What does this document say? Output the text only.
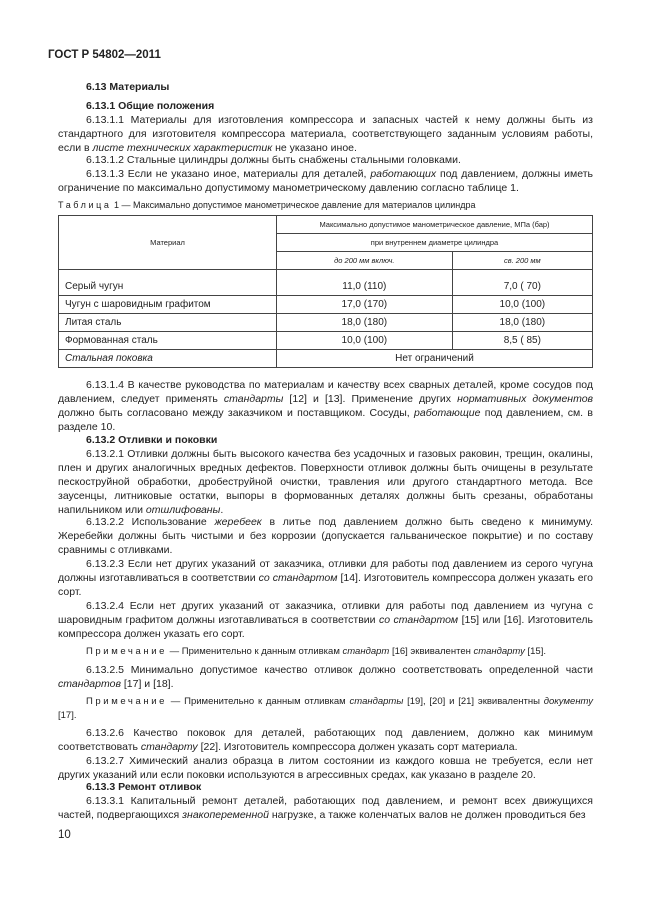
ГОСТ Р 54802—2011

6.13 Материалы

6.13.1 Общие положения

6.13.1.1 Материалы для изготовления компрессора и запасных частей к нему должны быть из стандартного для изготовителя компрессора материала, соответствующего заданным условиям работы, если в листе технических характеристик не указано иное.

6.13.1.2 Стальные цилиндры должны быть снабжены стальными головками.

6.13.1.3 Если не указано иное, материалы для деталей, работающих под давлением, должны иметь ограничение по максимально допустимому манометрическому давлению согласно таблице 1.

Таблица 1 — Максимально допустимое манометрическое давление для материалов цилиндра
Материал	Максимально допустимое манометрическое давление, МПа (бар)	
	при внутреннем диаметре цилиндра	
	до 200 мм включ.	св. 200 мм
Серый чугун	11,0 (110)	7,0 ( 70)
Чугун с шаровидным графитом	17,0 (170)	10,0 (100)
Литая сталь	18,0 (180)	18,0 (180)
Формованная сталь	10,0 (100)	8,5 ( 85)
Стальная поковка	Нет ограничений	

6.13.1.4 В качестве руководства по материалам и качеству всех сварных деталей, кроме сосудов под давлением, следует применять стандарты [12] и [13]. Применение других нормативных документов должно быть согласовано между заказчиком и поставщиком. Сосуды, работающие под давлением, см. в разделе 10.

6.13.2 Отливки и поковки

6.13.2.1 Отливки должны быть высокого качества без усадочных и газовых раковин, трещин, окалины, плен и других аналогичных вредных дефектов. Поверхности отливок должны быть очищены в результате пескоструйной обработки, дробеструйной очистки, травления или другого стандартного метода. Все заусенцы, литниковые остатки, выпоры в формованных деталях должны быть срезаны, обработаны напильником или отшлифованы.

6.13.2.2 Использование жеребеек в литье под давлением должно быть сведено к минимуму. Жеребейки должны быть чистыми и без коррозии (допускается гальваническое покрытие) и по составу сравнимы с отливками.

6.13.2.3 Если нет других указаний от заказчика, отливки для работы под давлением из серого чугуна должны изготавливаться в соответствии со стандартом [14]. Изготовитель компрессора должен указать его сорт.

6.13.2.4 Если нет других указаний от заказчика, отливки для работы под давлением из чугуна с шаровидным графитом должны изготавливаться в соответствии со стандартом [15] или [16]. Изготовитель компрессора должен указать его сорт.

Примечание — Применительно к данным отливкам стандарт [16] эквивалентен стандарту [15].

6.13.2.5 Минимально допустимое качество отливок должно соответствовать определенной части стандартов [17] и [18].

Примечание — Применительно к данным отливкам стандарты [19], [20] и [21] эквивалентны документу [17].

6.13.2.6 Качество поковок для деталей, работающих под давлением, должно как минимум соответствовать стандарту [22]. Изготовитель компрессора должен указать сорт материала.

6.13.2.7 Химический анализ образца в литом состоянии из каждого ковша не требуется, если нет других указаний или если поковки используются в агрессивных средах, как указано в разделе 20.

6.13.3 Ремонт отливок

6.13.3.1 Капитальный ремонт деталей, работающих под давлением, и ремонт всех движущихся частей, подвергающихся знакопеременной нагрузке, а также коленчатых валов не должен проводиться без

10
